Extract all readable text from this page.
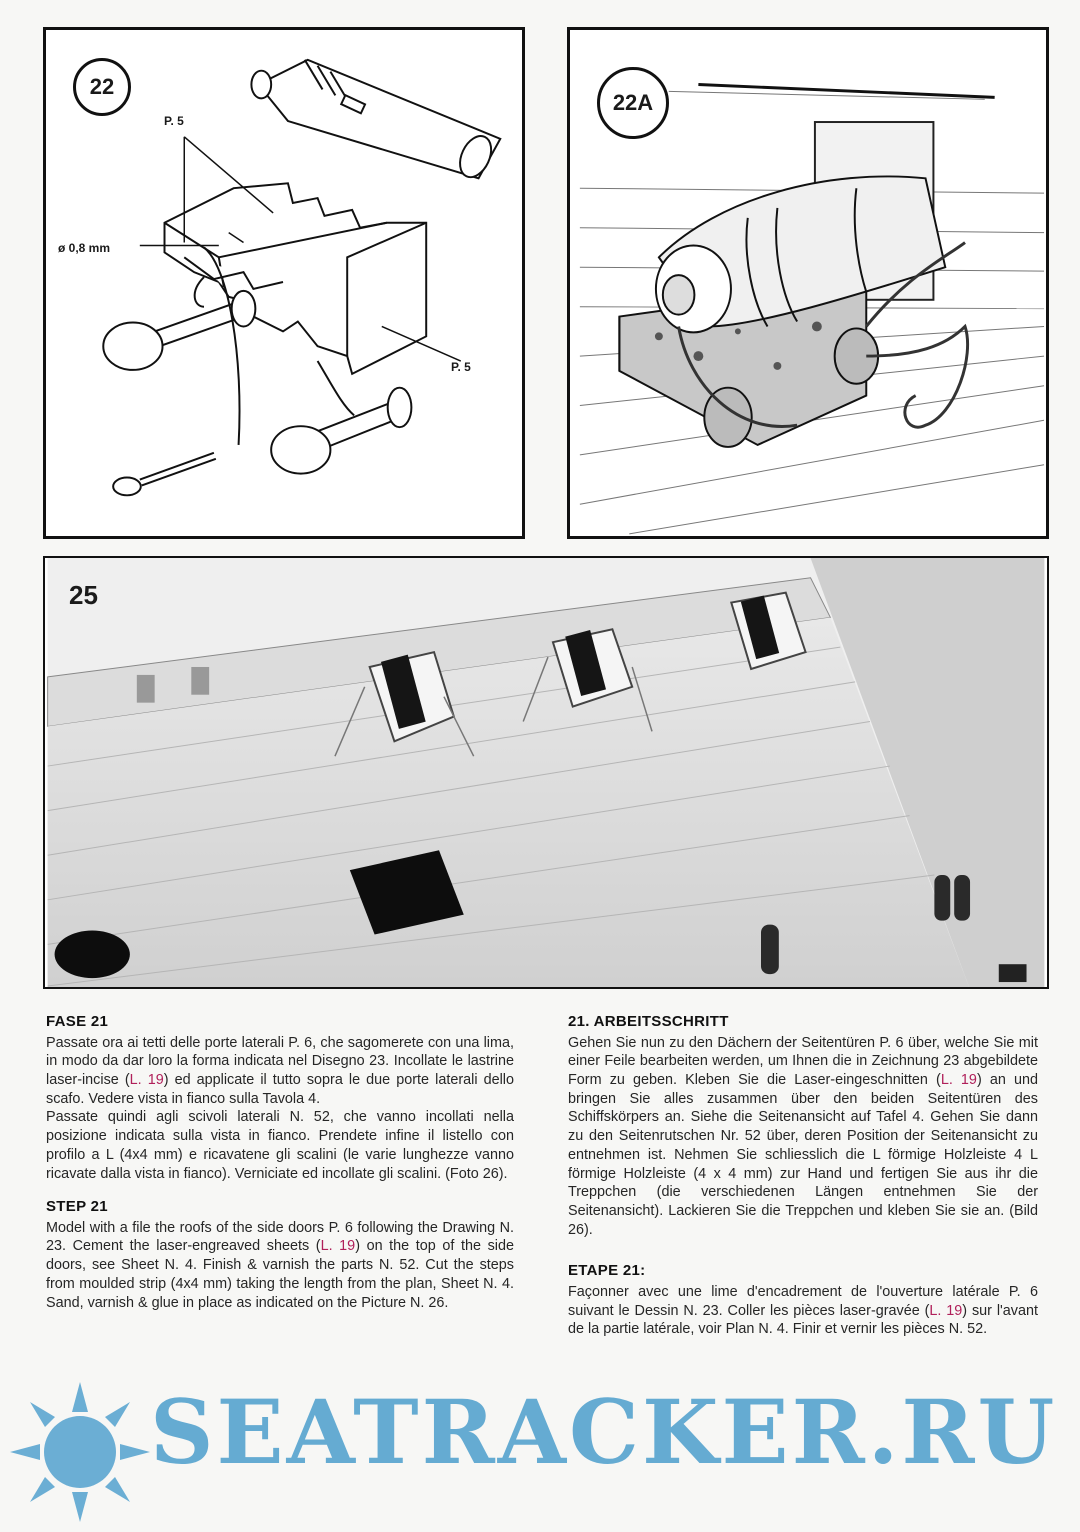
22
P. 5
ø 0,8 mm
P. 5
22A
25
FASE 21

Passate ora ai tetti delle porte laterali P. 6, che sagomerete con una lima, in modo da dar loro la forma indicata nel Disegno 23. Incollate le lastrine laser-incise (L. 19) ed applicate il tutto sopra le due porte laterali dello scafo. Vedere vista in fianco sulla Tavola 4.

Passate quindi agli scivoli laterali N. 52, che vanno incollati nella posizione indicata sulla vista in fianco. Prendete infine il listello con profilo a L (4x4 mm) e ricavatene gli scalini (le varie lunghezze vanno ricavate dalla vista in fianco). Verniciate ed incollate gli scalini. (Foto 26).

STEP 21

Model with a file the roofs of the side doors P. 6 following the Drawing N. 23. Cement the laser-engreaved sheets (L. 19) on the top of the side doors, see Sheet N. 4. Finish & varnish the parts N. 52. Cut the steps from moulded strip (4x4 mm) taking the length from the plan, Sheet N. 4. Sand, varnish & glue in place as indicated on the Picture N. 26.

21. ARBEITSSCHRITT

Gehen Sie nun zu den Dächern der Seitentüren P. 6 über, welche Sie mit einer Feile bearbeiten werden, um Ihnen die in Zeichnung 23 abgebildete Form zu geben. Kleben Sie die Laser-eingeschnitten (L. 19) an und bringen Sie alles zusammen über den beiden Seitentüren des Schiffskörpers an. Siehe die Seitenansicht auf Tafel 4. Gehen Sie dann zu den Seitenrutschen Nr. 52 über, deren Position der Seitenansicht zu entnehmen ist. Nehmen Sie schliesslich die L förmige Holzleiste 4 L förmige Holzleiste (4 x 4 mm) zur Hand und fertigen Sie aus ihr die Treppchen (die verschiedenen Längen entnehmen Sie der Seitenansicht). Lackieren Sie die Treppchen und kleben Sie sie an. (Bild 26).

ETAPE 21:

Façonner avec une lime d'encadrement de l'ouverture latérale P. 6 suivant le Dessin N. 23. Coller les pièces laser-gravée (L. 19) sur l'avant de la partie latérale, voir Plan N. 4. Finir et vernir les pièces N. 52.

SEATRACKER.RU
